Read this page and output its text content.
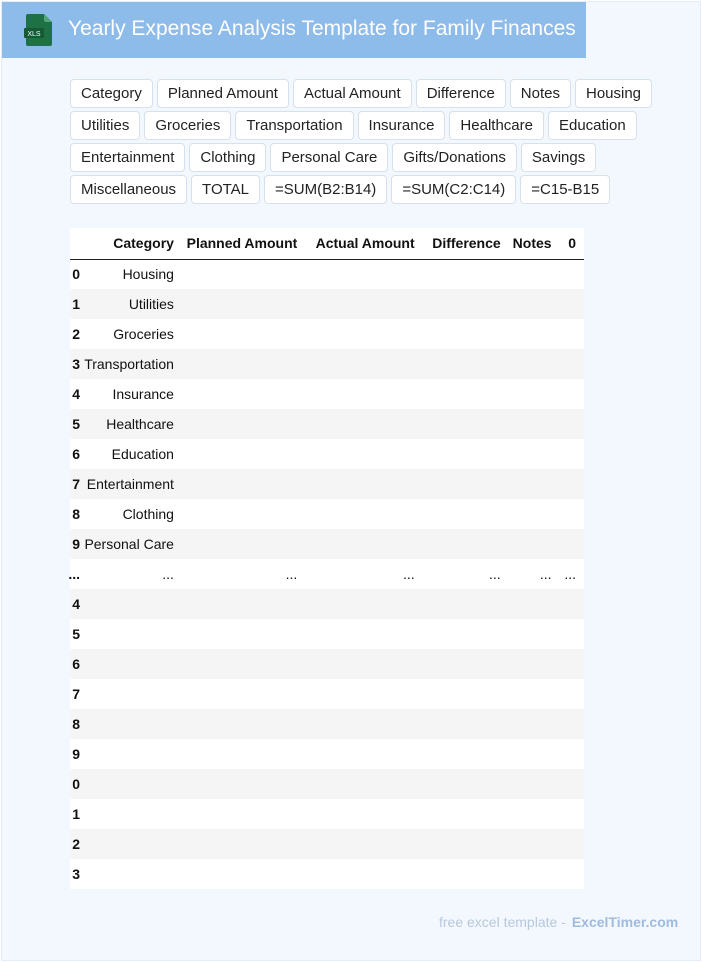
XLS Yearly Expense Analysis Template for Family Finances
Category	Planned Amount	Actual Amount	Difference	Notes	Housing
Utilities	Groceries	Transportation	Insurance	Healthcare	Education
Entertainment	Clothing	Personal Care	Gifts/Donations	Savings
Miscellaneous	TOTAL	=SUM(B2:B14)	=SUM(C2:C14)	=C15-B15
	Category	Planned Amount	Actual Amount	Difference	Notes	0
0	Housing					
1	Utilities					
2	Groceries					
3	Transportation					
4	Insurance					
5	Healthcare					
6	Education					
7	Entertainment					
8	Clothing					
9	Personal Care					
...	...	...	...	...	...	...
4						
5						
6						
7						
8						
9						
0						
1						
2						
3						
free excel template - ExcelTimer.com
